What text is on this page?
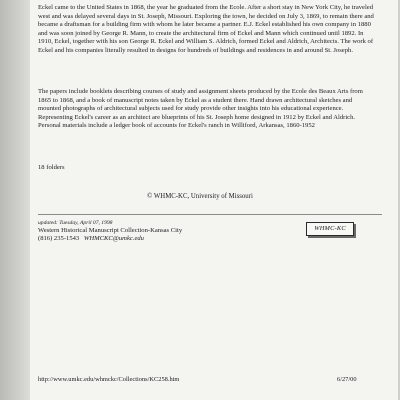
Eckel came to the United States in 1868, the year he graduated from the Ecole. After a short stay in New York City, he traveled west and was delayed several days in St. Joseph, Missouri. Exploring the town, he decided on July 3, 1869, to remain there and became a draftsman for a building firm with whom he later became a partner. E.J. Eckel established his own company in 1880 and was soon joined by George R. Mann, to create the architectural firm of Eckel and Mann which continued until 1892. In 1910, Eckel, together with his son George R. Eckel and William S. Aldrich, formed Eckel and Aldrich, Architects. The work of Eckel and his companies literally resulted in designs for hundreds of buildings and residences in and around St. Joseph.

The papers include booklets describing courses of study and assignment sheets produced by the Ecole des Beaux Arts from 1865 to 1868, and a book of manuscript notes taken by Eckel as a student there. Hand drawn architectural sketches and mounted photographs of architectural subjects used for study provide other insights into his educational experience. Representing Eckel's career as an architect are blueprints of his St. Joseph home designed in 1912 by Eckel and Aldrich. Personal materials include a ledger book of accounts for Eckel's ranch in Williford, Arkansas, 1860-1952

18 folders
© WHMC-KC, University of Missouri
updated: Tuesday, April 07, 1998
Western Historical Manuscript Collection-Kansas City
(816) 235-1543 WHMCKC@umkc.edu
WHMC-KC
http://www.umkc.edu/whmckc/Collections/KC258.htm	6/27/00
